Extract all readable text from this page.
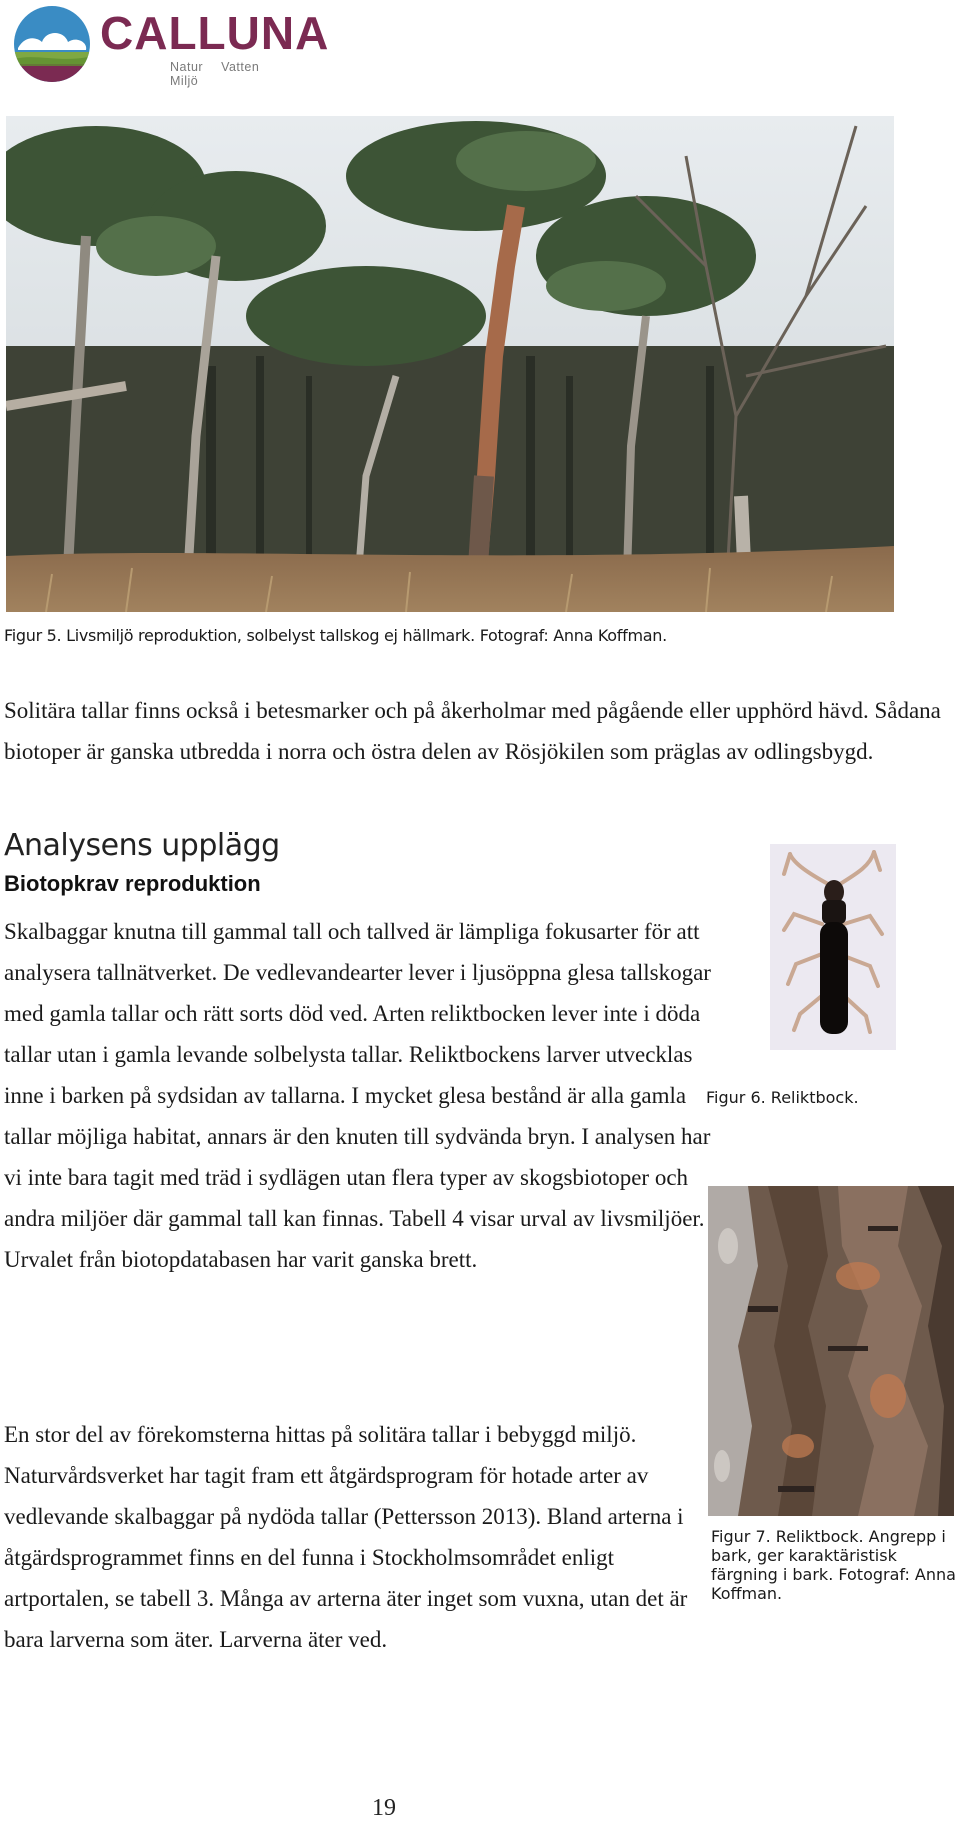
CALLUNA
Natur Vatten Miljö
Figur 5. Livsmiljö reproduktion, solbelyst tallskog ej hällmark. Fotograf: Anna Koffman.
Solitära tallar finns också i betesmarker och på åkerholmar med pågående eller upphörd hävd. Sådana biotoper är ganska utbredda i norra och östra delen av Rösjökilen som präglas av odlingsbygd.
Analysens upplägg
Biotopkrav reproduktion
Skalbaggar knutna till gammal tall och tallved är lämpliga fokusarter för att analysera tallnätverket. De vedlevandearter lever i ljusöppna glesa tallskogar med gamla tallar och rätt sorts död ved. Arten reliktbocken lever inte i döda tallar utan i gamla levande solbelysta tallar. Reliktbockens larver utvecklas inne i barken på sydsidan av tallarna. I mycket glesa bestånd är alla gamla tallar möjliga habitat, annars är den knuten till sydvända bryn. I analysen har vi inte bara tagit med träd i sydlägen utan flera typer av skogsbiotoper och andra miljöer där gammal tall kan finnas. Tabell 4 visar urval av livsmiljöer. Urvalet från biotopdatabasen har varit ganska brett.
Figur 6. Reliktbock.
Figur 7. Reliktbock. Angrepp i bark, ger karaktäristisk färgning i bark. Fotograf: Anna Koffman.
En stor del av förekomsterna hittas på solitära tallar i bebyggd miljö. Naturvårdsverket har tagit fram ett åtgärdsprogram för hotade arter av vedlevande skalbaggar på nydöda tallar (Pettersson 2013). Bland arterna i åtgärdsprogrammet finns en del funna i Stockholmsområdet enligt artportalen, se tabell 3. Många av arterna äter inget som vuxna, utan det är bara larverna som äter. Larverna äter ved.
19
